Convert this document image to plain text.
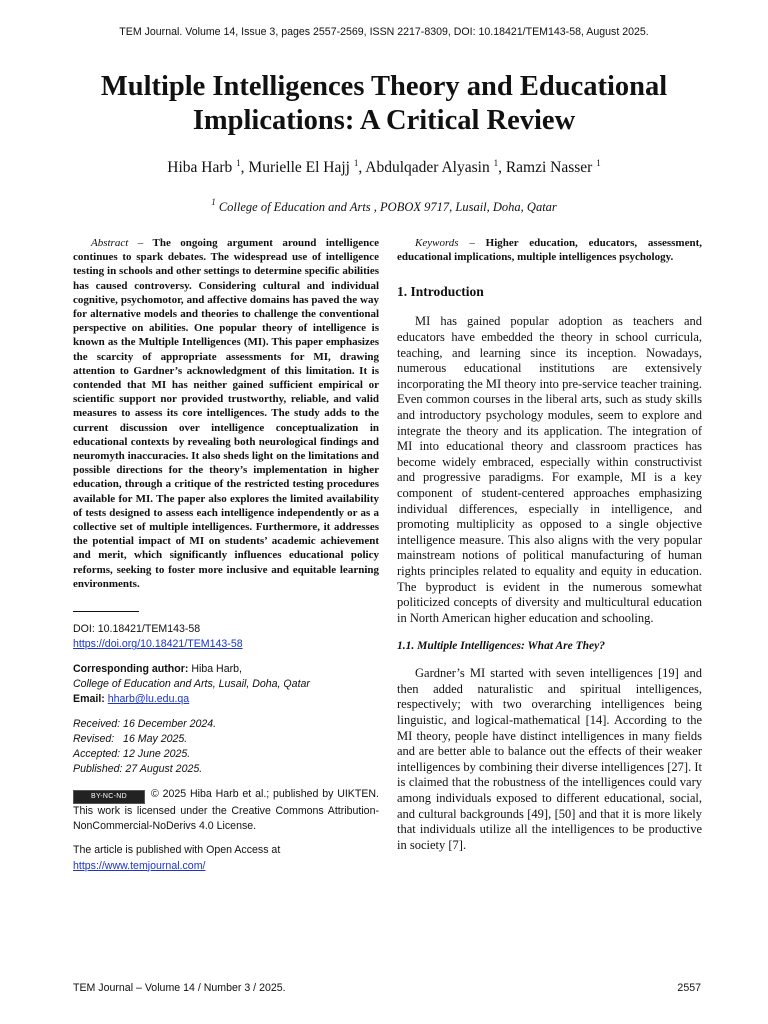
TEM Journal. Volume 14, Issue 3, pages 2557-2569, ISSN 2217-8309, DOI: 10.18421/TEM143-58, August 2025.
Multiple Intelligences Theory and Educational Implications: A Critical Review
Hiba Harb $^1$, Murielle El Hajj $^1$, Abdulqader Alyasin $^1$, Ramzi Nasser $^1$
$^1$ College of Education and Arts , POBOX 9717, Lusail, Doha, Qatar

Abstract – The ongoing argument around intelligence continues to spark debates. The widespread use of intelligence testing in schools and other settings to determine specific abilities has caused controversy. Considering cultural and individual cognitive, psychomotor, and affective domains has paved the way for alternative models and theories to challenge the conventional perspective on abilities. One popular theory of intelligence is known as the Multiple Intelligences (MI). This paper emphasizes the scarcity of appropriate assessments for MI, drawing attention to Gardner’s acknowledgment of this limitation. It is contended that MI has neither gained sufficient empirical or scientific support nor provided trustworthy, reliable, and valid measures to assess its core intelligences. The study adds to the current discussion over intelligence conceptualization in educational contexts by revealing both neurological findings and neuromyth inaccuracies. It also sheds light on the limitations and possible directions for the theory’s implementation in higher education, through a critique of the restricted testing procedures available for MI. The paper also explores the limited availability of tests designed to assess each intelligence independently or as a collective set of multiple intelligences. Furthermore, it addresses the potential impact of MI on students’ academic achievement and merit, which significantly influences educational policy reforms, seeking to foster more inclusive and equitable learning environments.

DOI: 10.18421/TEM143-58
https://doi.org/10.18421/TEM143-58

Corresponding author: Hiba Harb,
College of Education and Arts, Lusail, Doha, Qatar
Email: hharb@lu.edu.qa

Received: 16 December 2024.
Revised:   16 May 2025.
Accepted: 12 June 2025.
Published: 27 August 2025.

BY-NC-ND © 2025 Hiba Harb et al.; published by UIKTEN. This work is licensed under the Creative Commons Attribution-NonCommercial-NoDerivs 4.0 License.

The article is published with Open Access at
https://www.temjournal.com/

Keywords – Higher education, educators, assessment, educational implications, multiple intelligences psychology.

1. Introduction

MI has gained popular adoption as teachers and educators have embedded the theory in school curricula, teaching, and learning since its inception. Nowadays, numerous educational institutions are extensively incorporating the MI theory into pre-service teacher training. Even common courses in the liberal arts, such as study skills and introductory psychology modules, seem to explore and integrate the theory and its application. The integration of MI into educational theory and classroom practices has become widely embraced, especially within constructivist and progressive paradigms. For example, MI is a key component of student-centered approaches emphasizing individual differences, especially in intelligence, and promoting multiplicity as opposed to a single objective intelligence measure. This also aligns with the very popular mainstream notions of political manufacturing of human rights principles related to equality and equity in education. The byproduct is evident in the numerous somewhat politicized concepts of diversity and multicultural education in North American higher education and schooling.

1.1. Multiple Intelligences: What Are They?

Gardner’s MI started with seven intelligences [19] and then added naturalistic and spiritual intelligences, respectively; with two overarching intelligences being linguistic, and logical-mathematical [14]. According to the MI theory, people have distinct intelligences in many fields and are better able to balance out the effects of their weaker intelligences by combining their diverse intelligences [27]. It is claimed that the robustness of the intelligences could vary among individuals exposed to different educational, social, and cultural backgrounds [49], [50] and that it is more likely that individuals utilize all the intelligences to be productive in society [7].

TEM Journal – Volume 14 / Number 3 / 2025.	2557
